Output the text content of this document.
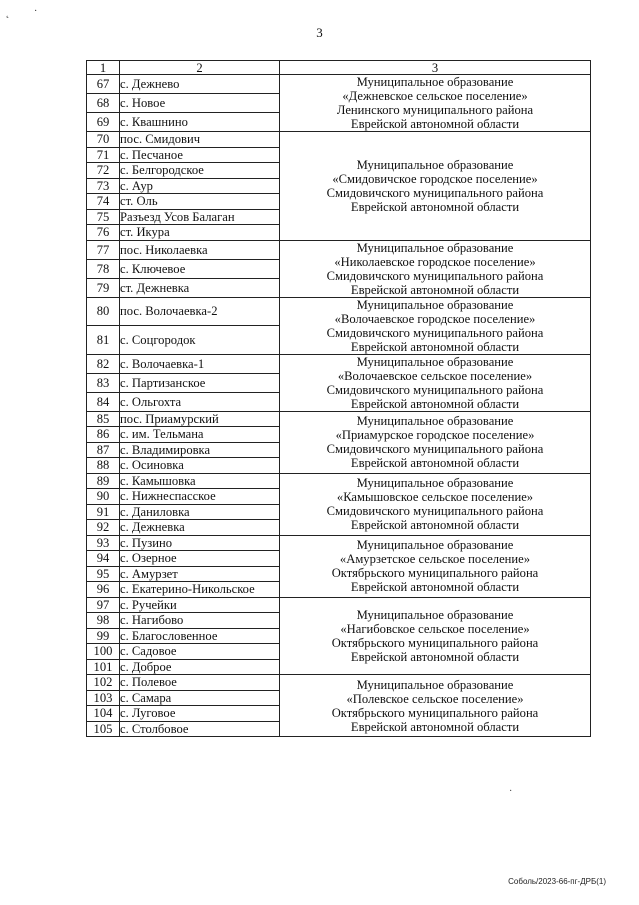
˛ ·
3
1	2	3
67	с. Дежнево	Муниципальное образование
«Дежневское сельское поселение»
Ленинского муниципального района
Еврейской автономной области

68	с. Новое	
69	с. Квашнино	
70	пос. Смидович	Муниципальное образование
«Смидовичское городское поселение»
Смидовичского муниципального района
Еврейской автономной области

71	с. Песчаное	
72	с. Белгородское	
73	с. Аур	
74	ст. Оль	
75	Разъезд Усов Балаган	
76	ст. Икура	
77	пос. Николаевка	Муниципальное образование
«Николаевское городское поселение»
Смидовичского муниципального района
Еврейской автономной области

78	с. Ключевое	
79	ст. Дежневка	
80	пос. Волочаевка-2	Муниципальное образование
«Волочаевское городское поселение»
Смидовичского муниципального района
Еврейской автономной области

81	с. Соцгородок	
82	с. Волочаевка-1	Муниципальное образование
«Волочаевское сельское поселение»
Смидовичского муниципального района
Еврейской автономной области

83	с. Партизанское	
84	с. Ольгохта	
85	пос. Приамурский	Муниципальное образование
«Приамурское городское поселение»
Смидовичского муниципального района
Еврейской автономной области

86	с. им. Тельмана	
87	с. Владимировка	
88	с. Осиновка	
89	с. Камышовка	Муниципальное образование
«Камышовское сельское поселение»
Смидовичского муниципального района
Еврейской автономной области

90	с. Нижнеспасское	
91	с. Даниловка	
92	с. Дежневка	
93	с. Пузино	Муниципальное образование
«Амурзетское сельское поселение»
Октябрьского муниципального района
Еврейской автономной области

94	с. Озерное	
95	с. Амурзет	
96	с. Екатерино-Никольское	
97	с. Ручейки	Муниципальное образование
«Нагибовское сельское поселение»
Октябрьского муниципального района
Еврейской автономной области

98	с. Нагибово	
99	с. Благословенное	
100	с. Садовое	
101	с. Доброе	
102	с. Полевое	Муниципальное образование
«Полевское сельское поселение»
Октябрьского муниципального района
Еврейской автономной области

103	с. Самара	
104	с. Луговое	
105	с. Столбовое	
·
Соболь/2023-66-пг-ДРБ(1)
